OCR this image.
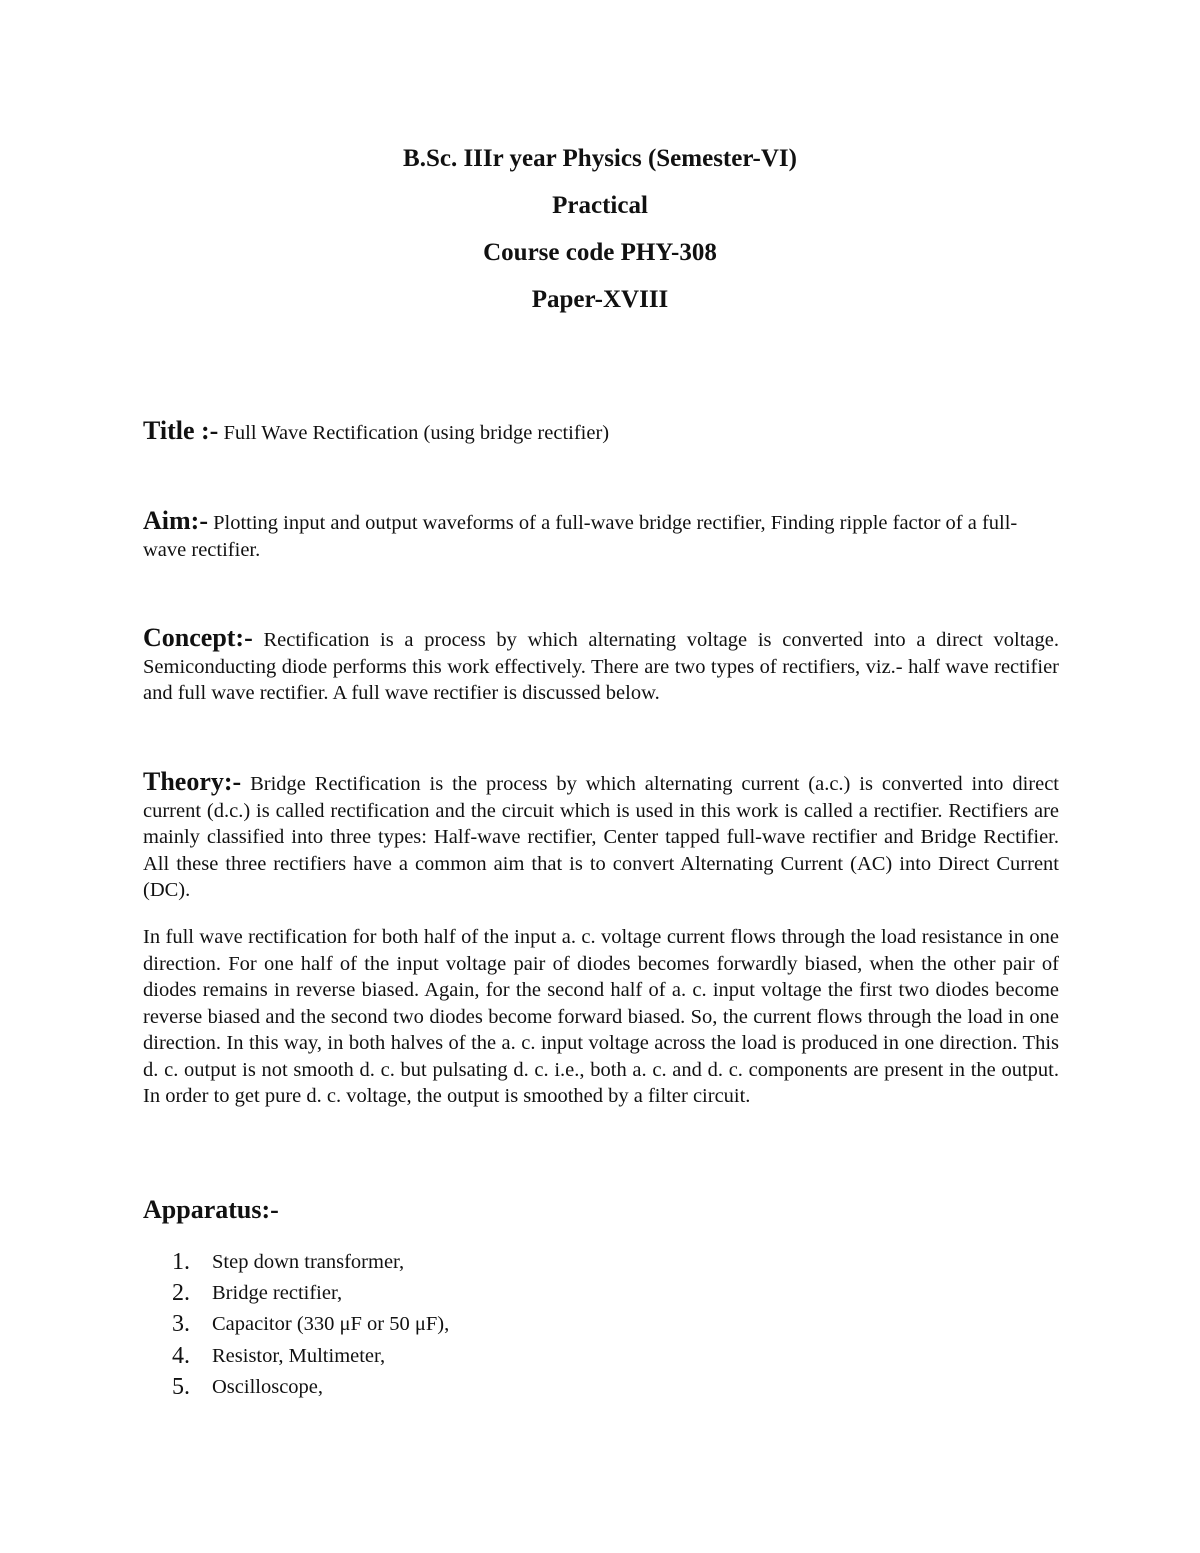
B.Sc. IIIr year Physics (Semester-VI)
Practical
Course code PHY-308
Paper-XVIII
Title :- Full Wave Rectification (using bridge rectifier)
Aim:- Plotting input and output waveforms of a full-wave bridge rectifier, Finding ripple factor of a full-wave rectifier.
Concept:- Rectification is a process by which alternating voltage is converted into a direct voltage. Semiconducting diode performs this work effectively. There are two types of rectifiers, viz.- half wave rectifier and full wave rectifier. A full wave rectifier is discussed below.
Theory:- Bridge Rectification is the process by which alternating current (a.c.) is converted into direct current (d.c.) is called rectification and the circuit which is used in this work is called a rectifier. Rectifiers are mainly classified into three types: Half-wave rectifier, Center tapped full-wave rectifier and Bridge Rectifier. All these three rectifiers have a common aim that is to convert Alternating Current (AC) into Direct Current (DC).
In full wave rectification for both half of the input a. c. voltage current flows through the load resistance in one direction. For one half of the input voltage pair of diodes becomes forwardly biased, when the other pair of diodes remains in reverse biased. Again, for the second half of a. c. input voltage the first two diodes become reverse biased and the second two diodes become forward biased. So, the current flows through the load in one direction. In this way, in both halves of the a. c. input voltage across the load is produced in one direction. This d. c. output is not smooth d. c. but pulsating d. c. i.e., both a. c. and d. c. components are present in the output. In order to get pure d. c. voltage, the output is smoothed by a filter circuit.
Apparatus:-
1.	Step down transformer,
2.	Bridge rectifier,
3.	Capacitor (330 μF or 50 μF),
4.	Resistor, Multimeter,
5.	Oscilloscope,
